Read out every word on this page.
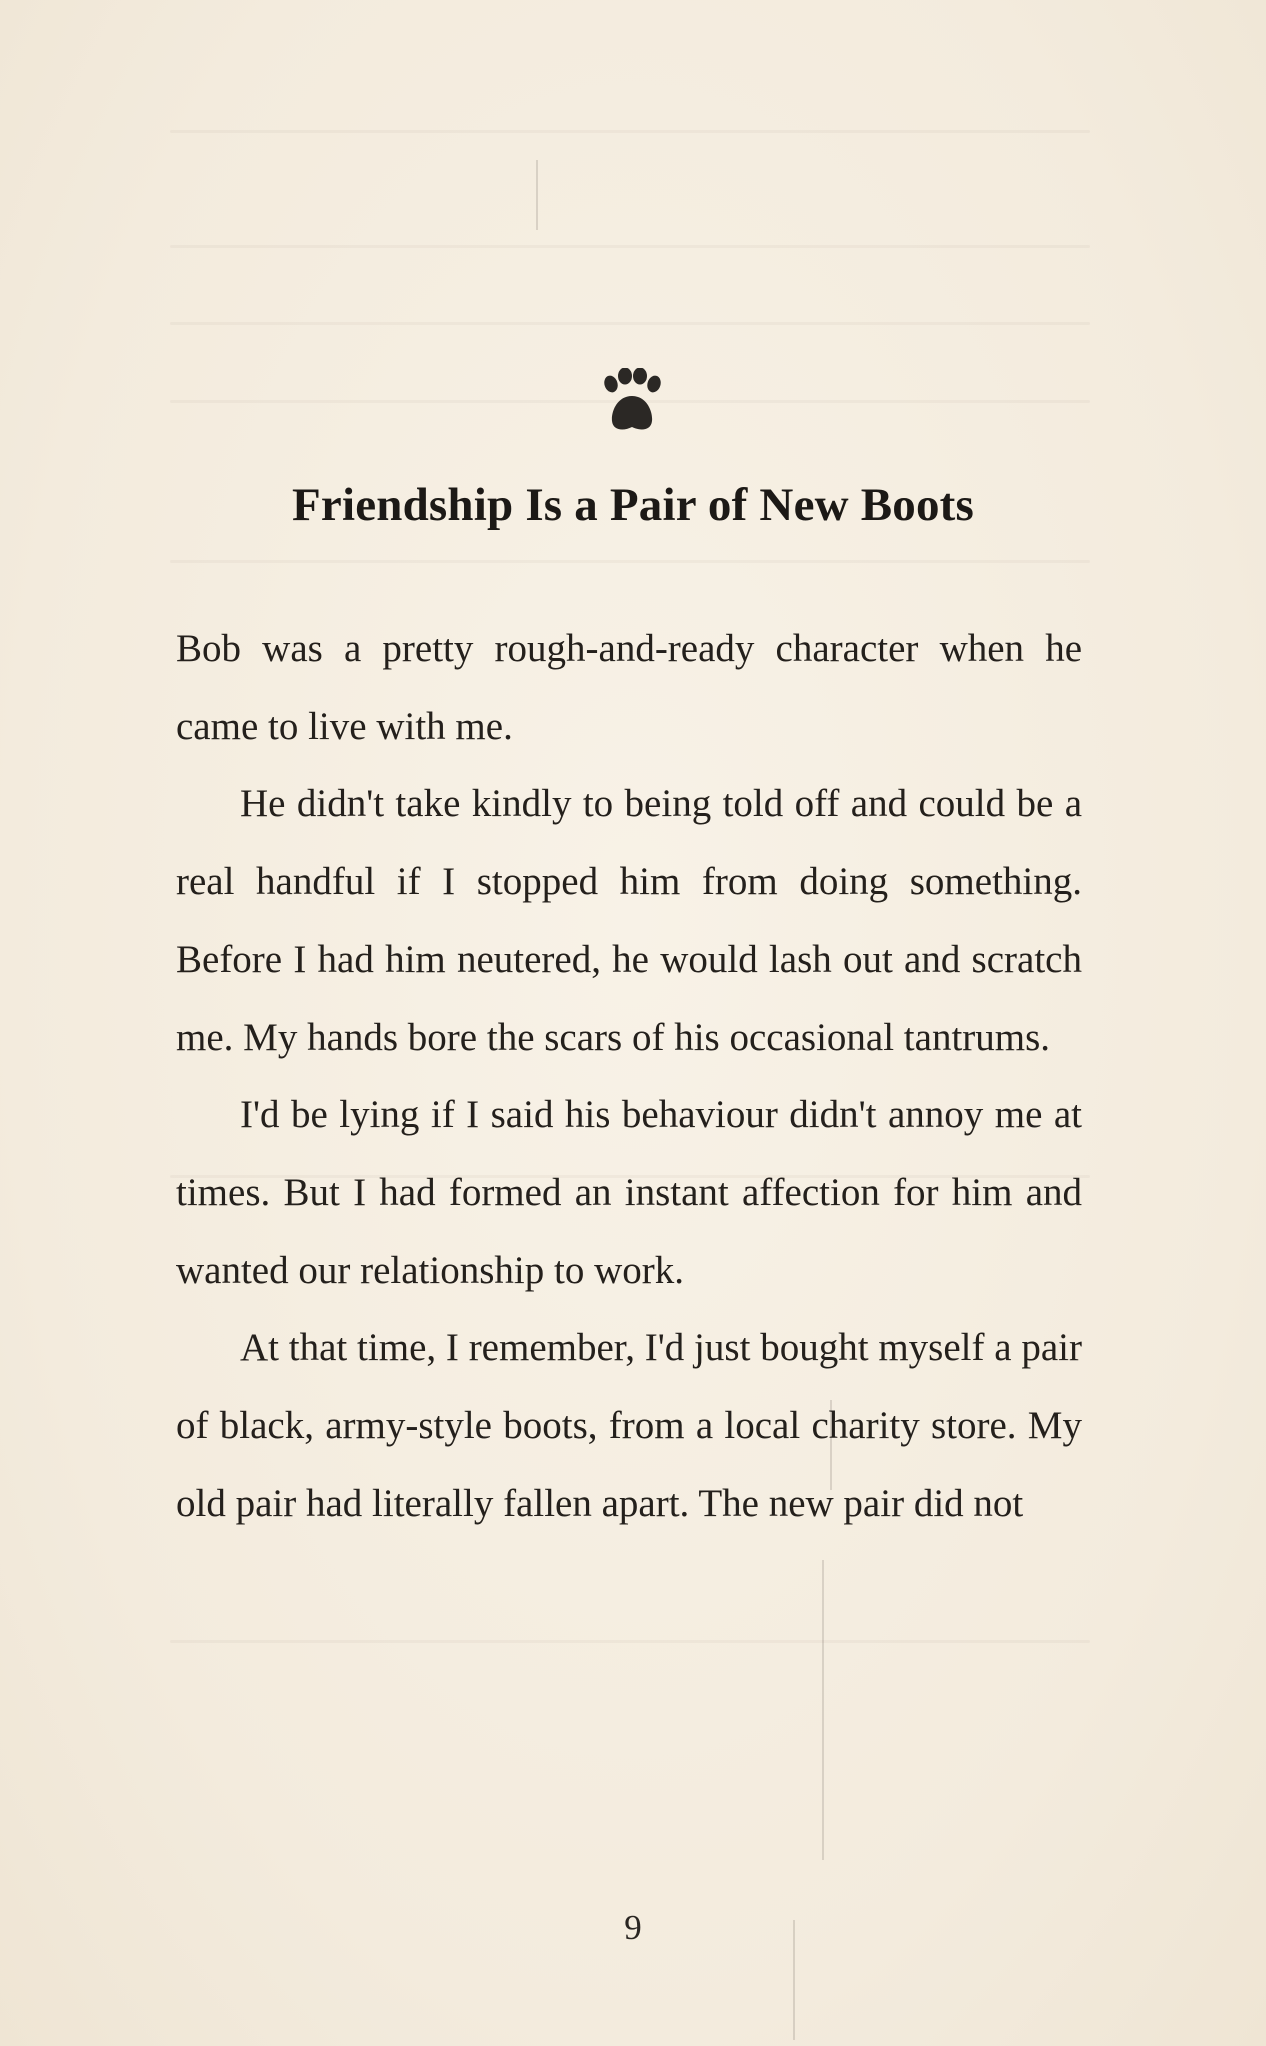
Friendship Is a Pair of New Boots

Bob was a pretty rough-and-ready character when he came to live with me.

He didn't take kindly to being told off and could be a real handful if I stopped him from doing something. Before I had him neutered, he would lash out and scratch me. My hands bore the scars of his occasional tantrums.

I'd be lying if I said his behaviour didn't annoy me at times. But I had formed an instant affection for him and wanted our relationship to work.

At that time, I remember, I'd just bought myself a pair of black, army-style boots, from a local charity store. My old pair had literally fallen apart. The new pair did not

9
